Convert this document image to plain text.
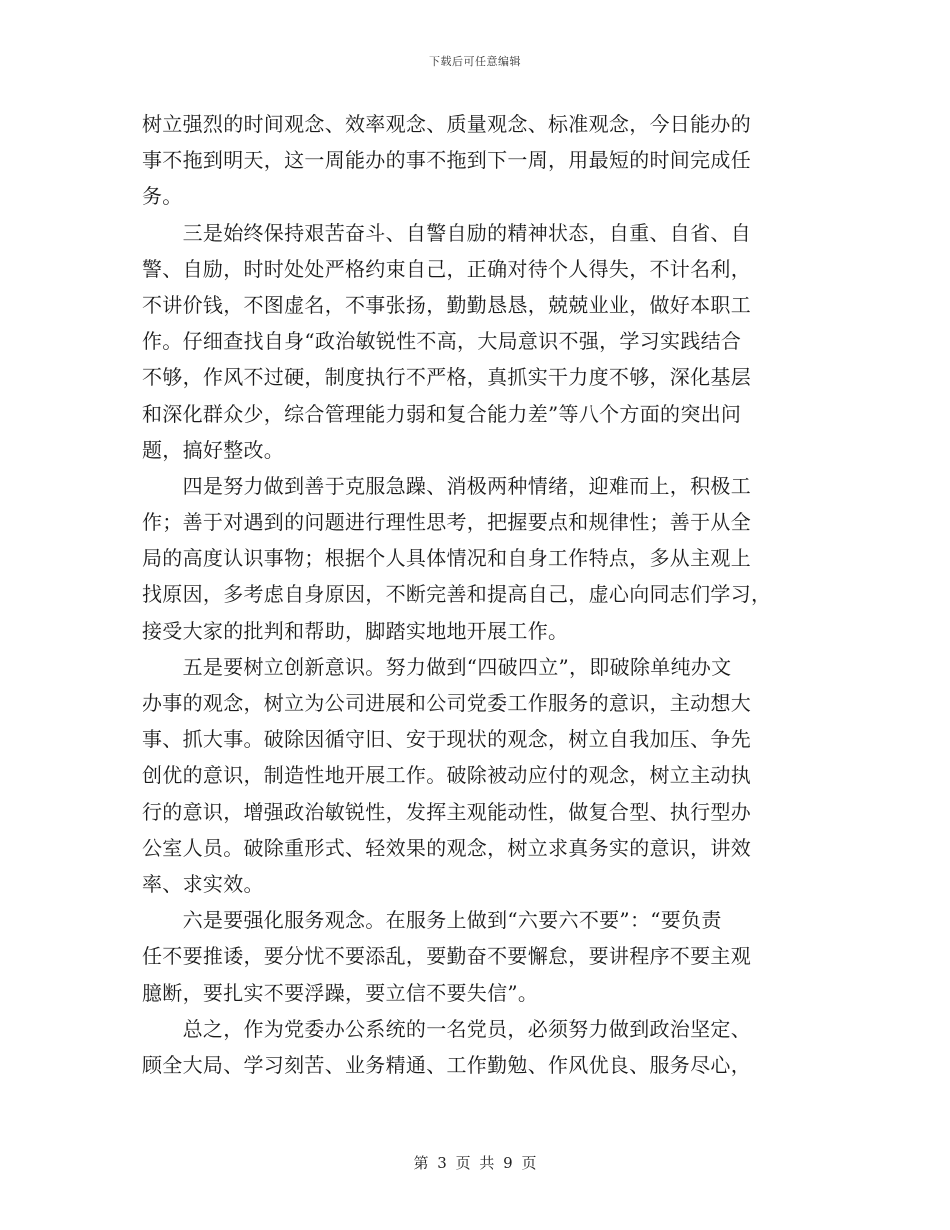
下载后可任意编辑
树立强烈的时间观念、效率观念、质量观念、标准观念，今日能办的
事不拖到明天，这一周能办的事不拖到下一周，用最短的时间完成任
务。
　　三是始终保持艰苦奋斗、自警自励的精神状态，自重、自省、自
警、自励，时时处处严格约束自己，正确对待个人得失，不计名利，
不讲价钱，不图虚名，不事张扬，勤勤恳恳，兢兢业业，做好本职工
作。仔细查找自身“政治敏锐性不高，大局意识不强，学习实践结合
不够，作风不过硬，制度执行不严格，真抓实干力度不够，深化基层
和深化群众少，综合管理能力弱和复合能力差”等八个方面的突出问
题，搞好整改。
　　四是努力做到善于克服急躁、消极两种情绪，迎难而上，积极工
作；善于对遇到的问题进行理性思考，把握要点和规律性；善于从全
局的高度认识事物；根据个人具体情况和自身工作特点，多从主观上
找原因，多考虑自身原因，不断完善和提高自己，虚心向同志们学习，
接受大家的批判和帮助，脚踏实地地开展工作。
　　五是要树立创新意识。努力做到“四破四立”，即破除单纯办文
办事的观念，树立为公司进展和公司党委工作服务的意识，主动想大
事、抓大事。破除因循守旧、安于现状的观念，树立自我加压、争先
创优的意识，制造性地开展工作。破除被动应付的观念，树立主动执
行的意识，增强政治敏锐性，发挥主观能动性，做复合型、执行型办
公室人员。破除重形式、轻效果的观念，树立求真务实的意识，讲效
率、求实效。
　　六是要强化服务观念。在服务上做到“六要六不要”：“要负责
任不要推诿，要分忧不要添乱，要勤奋不要懈怠，要讲程序不要主观
臆断，要扎实不要浮躁，要立信不要失信”。
　　总之，作为党委办公系统的一名党员，必须努力做到政治坚定、
顾全大局、学习刻苦、业务精通、工作勤勉、作风优良、服务尽心，
第 3 页 共 9 页
